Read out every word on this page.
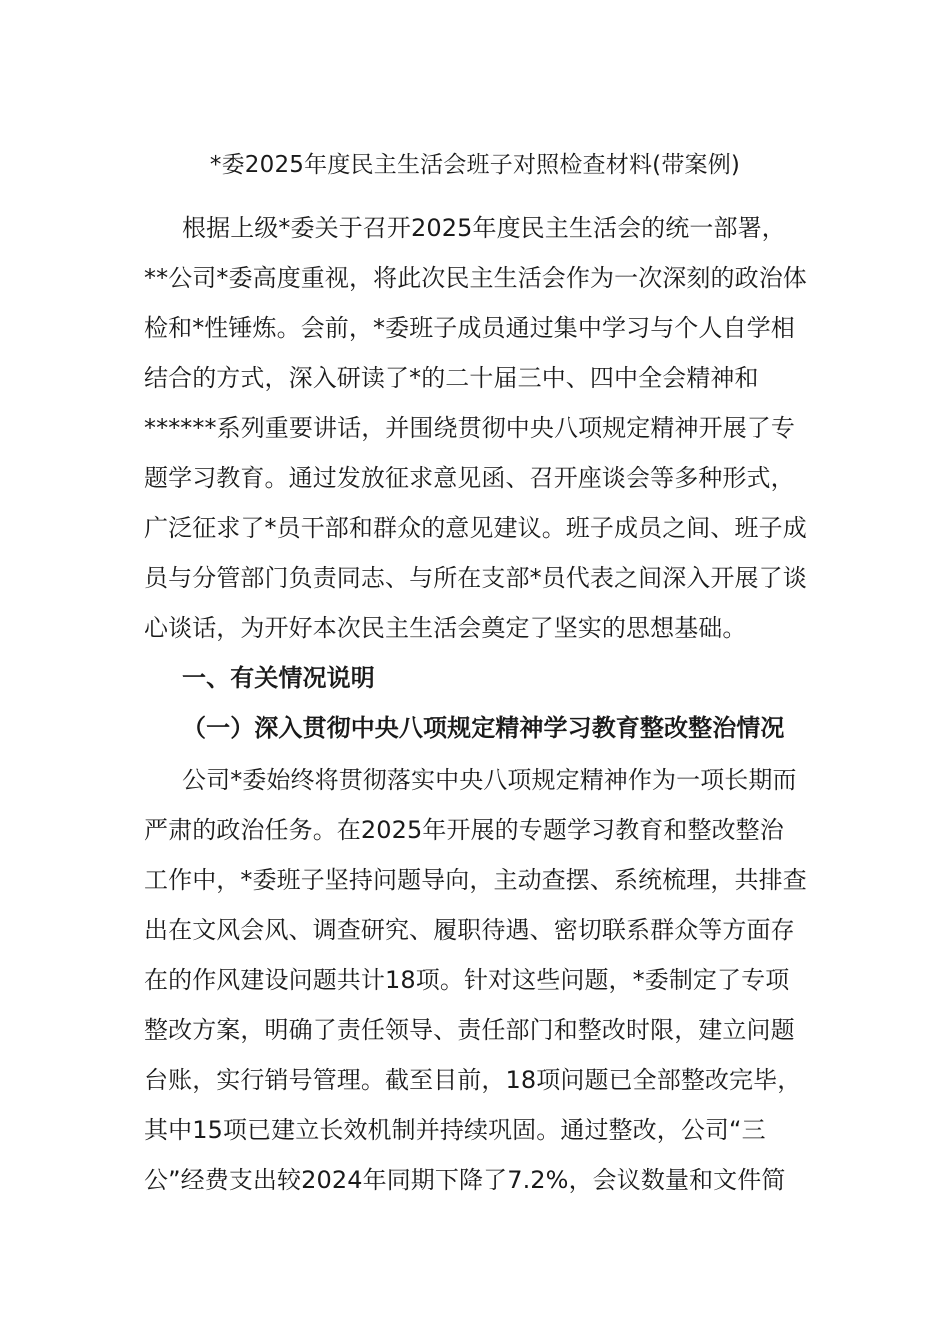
*委2025年度民主生活会班子对照检查材料(带案例)
根据上级*委关于召开2025年度民主生活会的统一部署，
**公司*委高度重视，将此次民主生活会作为一次深刻的政治体
检和*性锤炼。会前，*委班子成员通过集中学习与个人自学相
结合的方式，深入研读了*的二十届三中、四中全会精神和
******系列重要讲话，并围绕贯彻中央八项规定精神开展了专
题学习教育。通过发放征求意见函、召开座谈会等多种形式，
广泛征求了*员干部和群众的意见建议。班子成员之间、班子成
员与分管部门负责同志、与所在支部*员代表之间深入开展了谈
心谈话，为开好本次民主生活会奠定了坚实的思想基础。
一、有关情况说明
（一）深入贯彻中央八项规定精神学习教育整改整治情况
公司*委始终将贯彻落实中央八项规定精神作为一项长期而
严肃的政治任务。在2025年开展的专题学习教育和整改整治
工作中，*委班子坚持问题导向，主动查摆、系统梳理，共排查
出在文风会风、调查研究、履职待遇、密切联系群众等方面存
在的作风建设问题共计18项。针对这些问题，*委制定了专项
整改方案，明确了责任领导、责任部门和整改时限，建立问题
台账，实行销号管理。截至目前，18项问题已全部整改完毕，
其中15项已建立长效机制并持续巩固。通过整改，公司“三
公”经费支出较2024年同期下降了7.2%，会议数量和文件简
